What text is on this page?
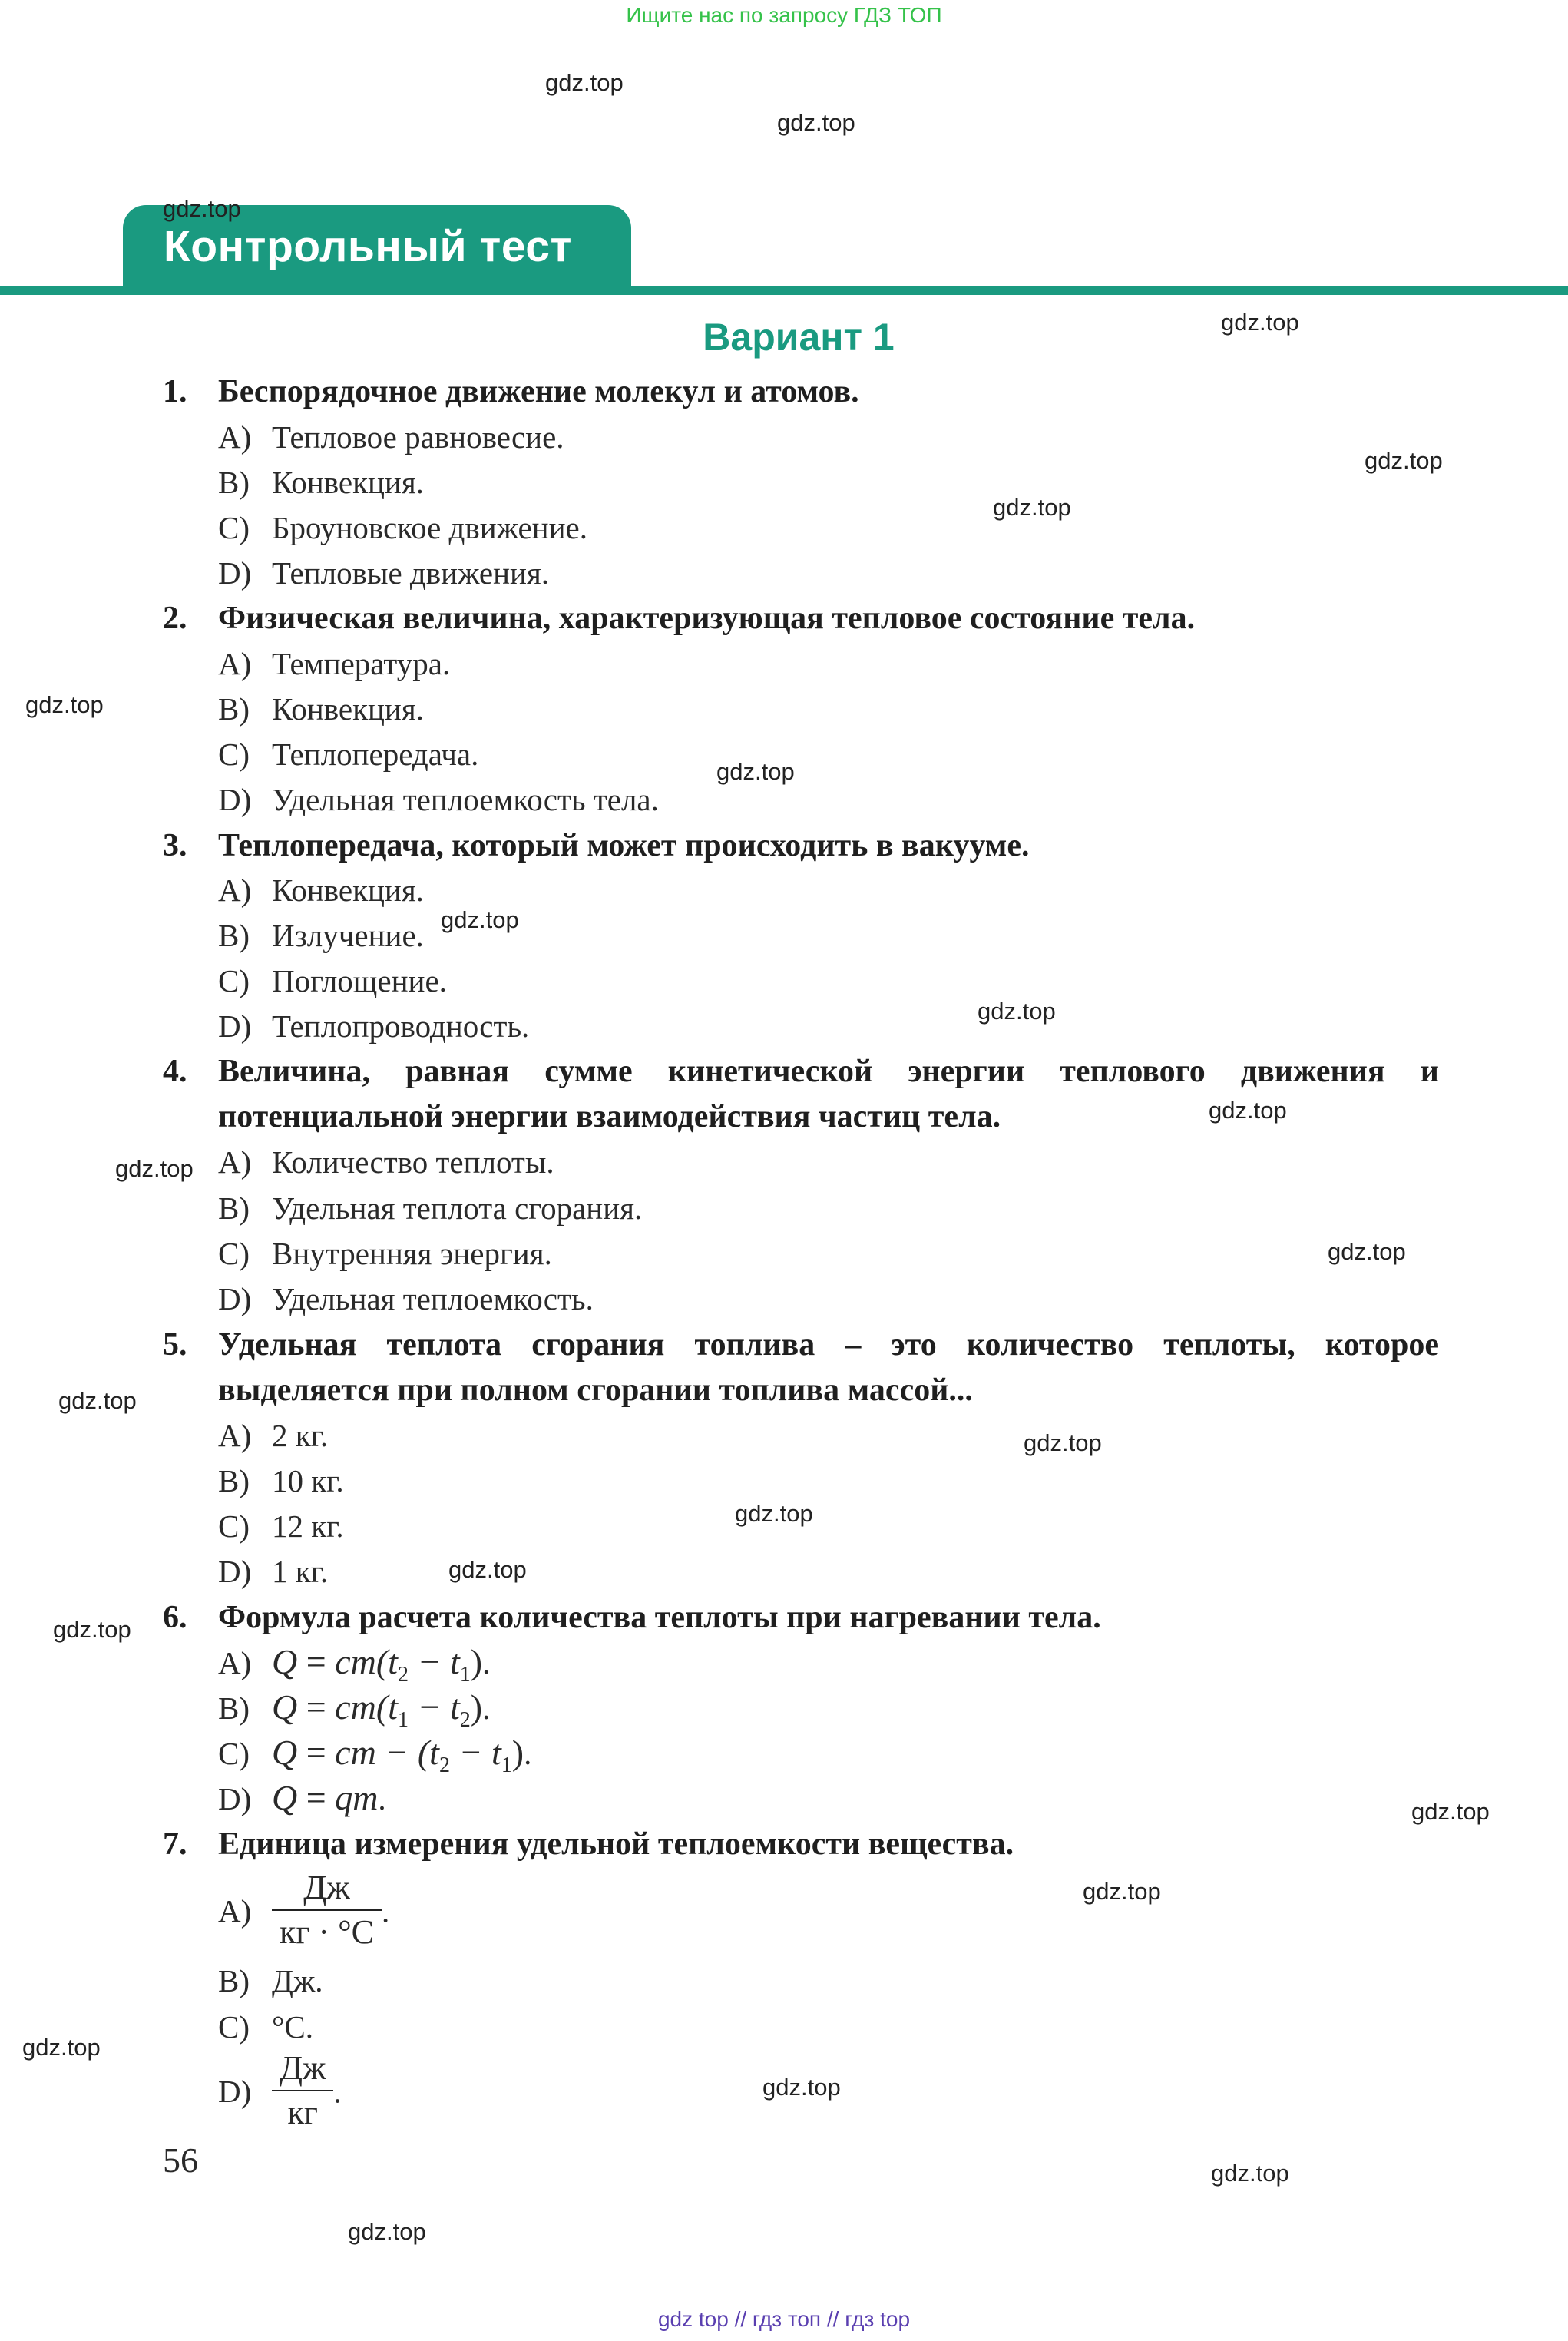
Ищите нас по запросу ГДЗ ТОП
Контрольный тест
Вариант 1
1. Беспорядочное движение молекул и атомов.
A) Тепловое равновесие.
B) Конвекция.
C) Броуновское движение.
D) Тепловые движения.
2. Физическая величина, характеризующая тепловое состояние тела.
A) Температура.
B) Конвекция.
C) Теплопередача.
D) Удельная теплоемкость тела.
3. Теплопередача, который может происходить в вакууме.
A) Конвекция.
B) Излучение.
C) Поглощение.
D) Теплопроводность.
4. Величина, равная сумме кинетической энергии теплового движения и потенциальной энергии взаимодействия частиц тела.
A) Количество теплоты.
B) Удельная теплота сгорания.
C) Внутренняя энергия.
D) Удельная теплоемкость.
5. Удельная теплота сгорания топлива – это количество теплоты, которое выделяется при полном сгорании топлива массой...
A) 2 кг.
B) 10 кг.
C) 12 кг.
D) 1 кг.
6. Формула расчета количества теплоты при нагревании тела.
A) $Q = cm(t_2 - t_1)$.
B) $Q = cm(t_1 - t_2)$.
C) Q = cm − $(t_2 - t_1)$.
D) Q = qm.
7. Единица измерения удельной теплоемкости вещества.
$A) \frac{Дж}{кг \cdot ^\circ С}$ .
B) Дж.
C) °С.
$D) \frac{Дж}{кг}$ .
56
gdz.top
gdz.top
gdz.top
gdz.top
gdz.top
gdz.top
gdz.top
gdz.top
gdz.top
gdz.top
gdz.top
gdz.top
gdz.top
gdz.top
gdz.top
gdz.top
gdz.top
gdz.top
gdz.top
gdz.top
gdz.top
gdz.top
gdz.top
gdz.top
gdz top // гдз топ // гдз top
